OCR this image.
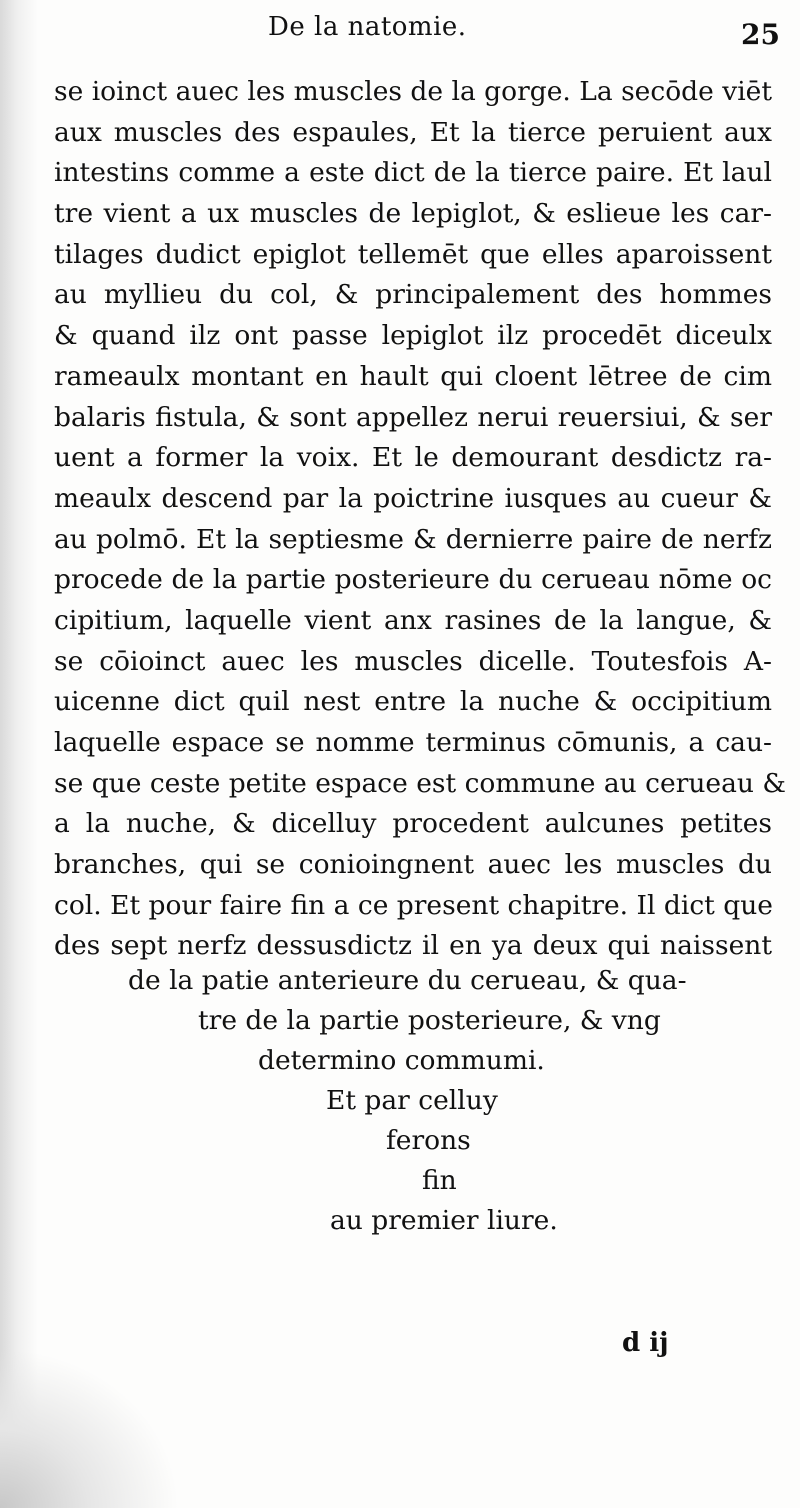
De la natomie.	25
se ioinct auec les muscles de la gorge. La secōde viēt
aux muscles des espaules, Et la tierce peruient aux
intestins comme a este dict de la tierce paire. Et laul
tre vient a ux muscles de lepiglot, & eslieue les car-
tilages dudict epiglot tellemēt que elles aparoissent
au myllieu du col, & principalement des hommes
& quand ilz ont passe lepiglot ilz procedēt diceulx
rameaulx montant en hault qui cloent lētree de cim
balaris fistula, & sont appellez nerui reuersiui, & ser
uent a former la voix. Et le demourant desdictz ra-
meaulx descend par la poictrine iusques au cueur &
au polmō. Et la septiesme & dernierre paire de nerfz
procede de la partie posterieure du cerueau nōme oc
cipitium, laquelle vient anx rasines de la langue, &
se cōioinct auec les muscles dicelle. Toutesfois A-
uicenne dict quil nest entre la nuche & occipitium
laquelle espace se nomme terminus cōmunis, a cau-
se que ceste petite espace est commune au cerueau &
a la nuche, & dicelluy procedent aulcunes petites
branches, qui se conioingnent auec les muscles du
col. Et pour faire fin a ce present chapitre. Il dict que
des sept nerfz dessusdictz il en ya deux qui naissent
de la patie anterieure du cerueau, & qua-
tre de la partie posterieure, & vng
determino commumi.
Et par celluy
ferons
fin
au premier liure.
d ij
